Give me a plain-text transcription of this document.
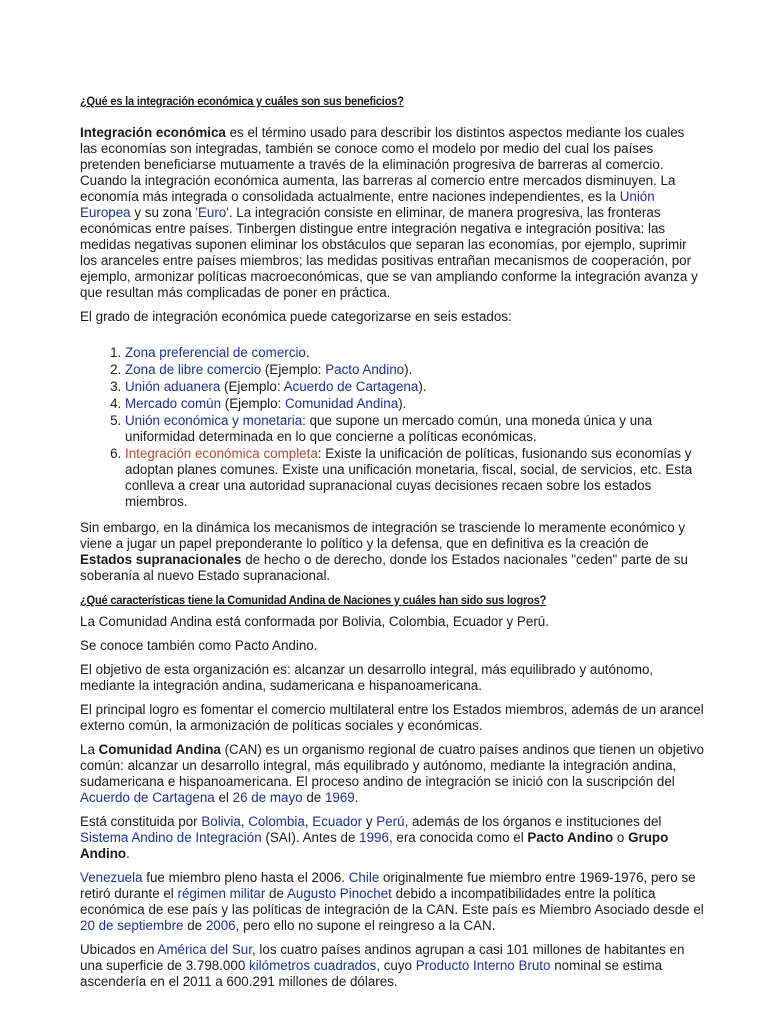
¿Qué es la integración económica y cuáles son sus beneficios?

Integración económica es el término usado para describir los distintos aspectos mediante los cuales las economías son integradas, también se conoce como el modelo por medio del cual los países pretenden beneficiarse mutuamente a través de la eliminación progresiva de barreras al comercio. Cuando la integración económica aumenta, las barreras al comercio entre mercados disminuyen. La economía más integrada o consolidada actualmente, entre naciones independientes, es la Unión Europea y su zona 'Euro'. La integración consiste en eliminar, de manera progresiva, las fronteras económicas entre países. Tinbergen distingue entre integración negativa e integración positiva: las medidas negativas suponen eliminar los obstáculos que separan las economías, por ejemplo, suprimir los aranceles entre países miembros; las medidas positivas entrañan mecanismos de cooperación, por ejemplo, armonizar políticas macroeconómicas, que se van ampliando conforme la integración avanza y que resultan más complicadas de poner en práctica.

El grado de integración económica puede categorizarse en seis estados:

1. Zona preferencial de comercio.
2. Zona de libre comercio (Ejemplo: Pacto Andino).
3. Unión aduanera (Ejemplo: Acuerdo de Cartagena).
4. Mercado común (Ejemplo: Comunidad Andina).
5. Unión económica y monetaria: que supone un mercado común, una moneda única y una uniformidad determinada en lo que concierne a políticas económicas.
6. Integración económica completa: Existe la unificación de políticas, fusionando sus economías y adoptan planes comunes. Existe una unificación monetaria, fiscal, social, de servicios, etc. Esta conlleva a crear una autoridad supranacional cuyas decisiones recaen sobre los estados miembros.

Sin embargo, en la dinámica los mecanismos de integración se trasciende lo meramente económico y viene a jugar un papel preponderante lo político y la defensa, que en definitiva es la creación de Estados supranacionales de hecho o de derecho, donde los Estados nacionales "ceden" parte de su soberanía al nuevo Estado supranacional.

¿Qué características tiene la Comunidad Andina de Naciones y cuáles han sido sus logros?

La Comunidad Andina está conformada por Bolivia, Colombia, Ecuador y Perú.

Se conoce también como Pacto Andino.

El objetivo de esta organización es: alcanzar un desarrollo integral, más equilibrado y autónomo, mediante la integración andina, sudamericana e hispanoamericana.

El principal logro es fomentar el comercio multilateral entre los Estados miembros, además de un arancel externo común, la armonización de políticas sociales y económicas.

La Comunidad Andina (CAN) es un organismo regional de cuatro países andinos que tienen un objetivo común: alcanzar un desarrollo integral, más equilibrado y autónomo, mediante la integración andina, sudamericana e hispanoamericana. El proceso andino de integración se inició con la suscripción del Acuerdo de Cartagena el 26 de mayo de 1969.

Está constituida por Bolivia, Colombia, Ecuador y Perú, además de los órganos e instituciones del Sistema Andino de Integración (SAI). Antes de 1996, era conocida como el Pacto Andino o Grupo Andino.

Venezuela fue miembro pleno hasta el 2006. Chile originalmente fue miembro entre 1969-1976, pero se retiró durante el régimen militar de Augusto Pinochet debido a incompatibilidades entre la política económica de ese país y las políticas de integración de la CAN. Este país es Miembro Asociado desde el 20 de septiembre de 2006, pero ello no supone el reingreso a la CAN.

Ubicados en América del Sur, los cuatro países andinos agrupan a casi 101 millones de habitantes en una superficie de 3.798.000 kilómetros cuadrados, cuyo Producto Interno Bruto nominal se estima ascendería en el 2011 a 600.291 millones de dólares.
